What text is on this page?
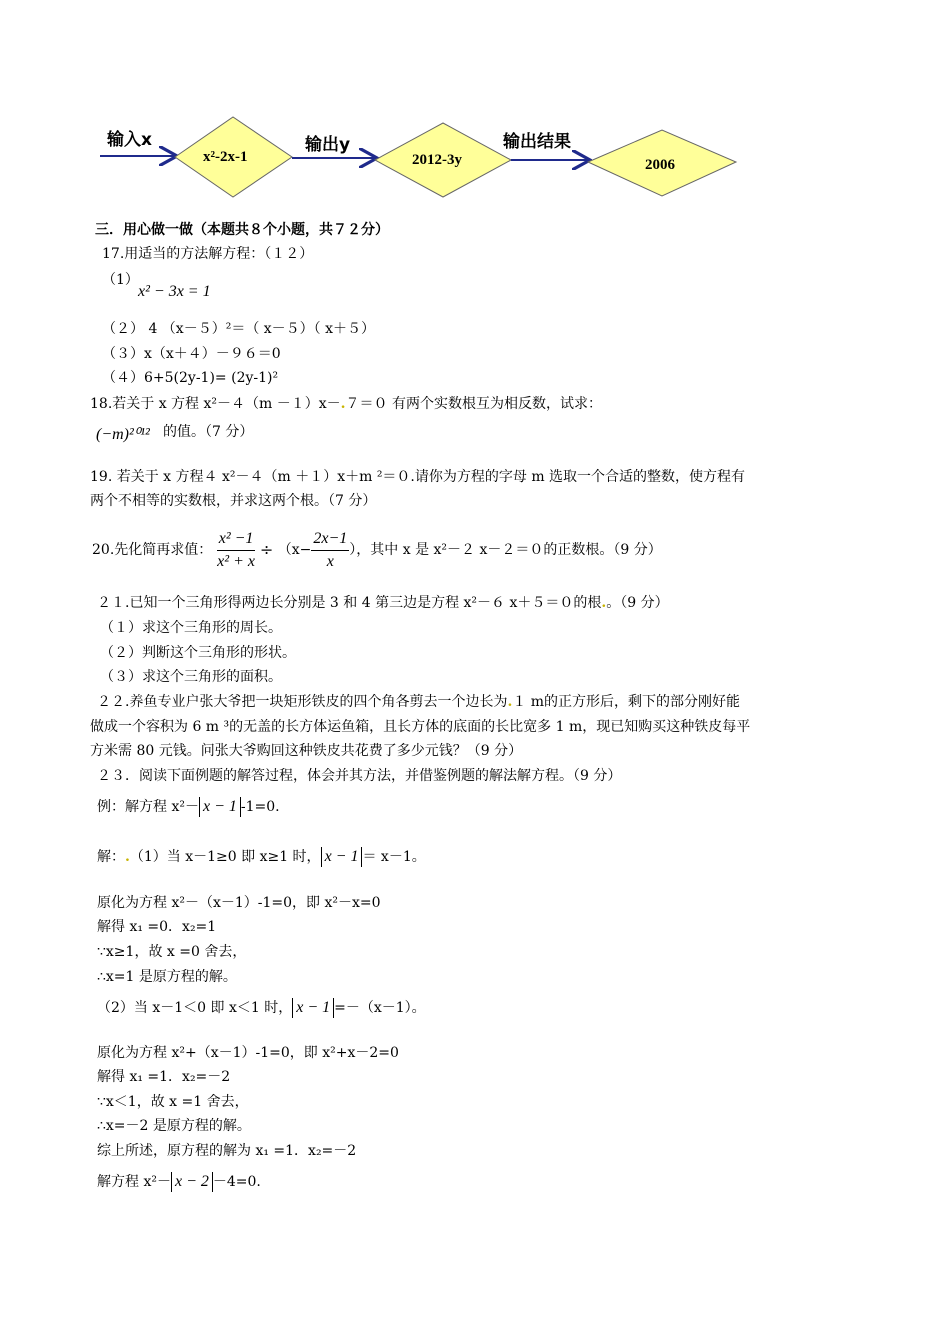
输入x
x²-2x-1
输出y
2012-3y
输出结果
2006
三．用心做一做（本题共８个小题，共７２分）
17.用适当的方法解方程：（１２）
（1）
x² − 3x = 1
（２） 4 （x－５）²＝（ x－５）（ x＋５）
（３）x（x＋４）－９６＝0
（４）6+5(2y-1)= (2y-1)²
18.若关于 x 方程 x²－４（m －１）x－.７＝０ 有两个实数根互为相反数，试求：
(−m)²⁰¹² 的值。（7 分）
19. 若关于 x 方程４ x²－４（m ＋１）x＋m ²＝０.请你为方程的字母 m 选取一个合适的整数，使方程有
两个不相等的实数根，并求这两个根。（7 分）
20.先化简再求值： $\frac{\text{x² −1}}{\text{x² + x}} \div (x- \frac{2x-1}{x}$ ），其中 x 是 x²－２ x－２＝０的正数根。（9 分）
２１.已知一个三角形得两边长分别是 3 和 4 第三边是方程 x²－６ x＋５＝０的根.。（9 分）
（１）求这个三角形的周长。
（２）判断这个三角形的形状。
（３）求这个三角形的面积。
２２.养鱼专业户张大爷把一块矩形铁皮的四个角各剪去一个边长为.１ m的正方形后，剩下的部分刚好能
做成一个容积为 6 m ³的无盖的长方体运鱼箱，且长方体的底面的长比宽多 1 m，现已知购买这种铁皮每平
方米需 80 元钱。问张大爷购回这种铁皮共花费了多少元钱？（9 分）
２３．阅读下面例题的解答过程，体会并其方法，并借鉴例题的解法解方程。（9 分）
例：解方程 x²－ x − 1 -1=0.
解：.（1）当 x－1≥0 即 x≥1 时， x − 1 ＝ x－1。
原化为方程 x²－（x－1）-1=0，即 x²－x=0
解得 x₁ =0．x₂=1
∵x≥1，故 x =0 舍去，
∴x=1 是原方程的解。
（2）当 x－1＜0 即 x＜1 时， x − 1 =－（x－1）。
原化为方程 x²+（x－1）-1=0，即 x²+x－2=0
解得 x₁ =1．x₂=－2
∵x＜1，故 x =1 舍去，
∴x=－2 是原方程的解。
综上所述，原方程的解为 x₁ =1．x₂=－2
解方程 x²－ x − 2 －4=0.
